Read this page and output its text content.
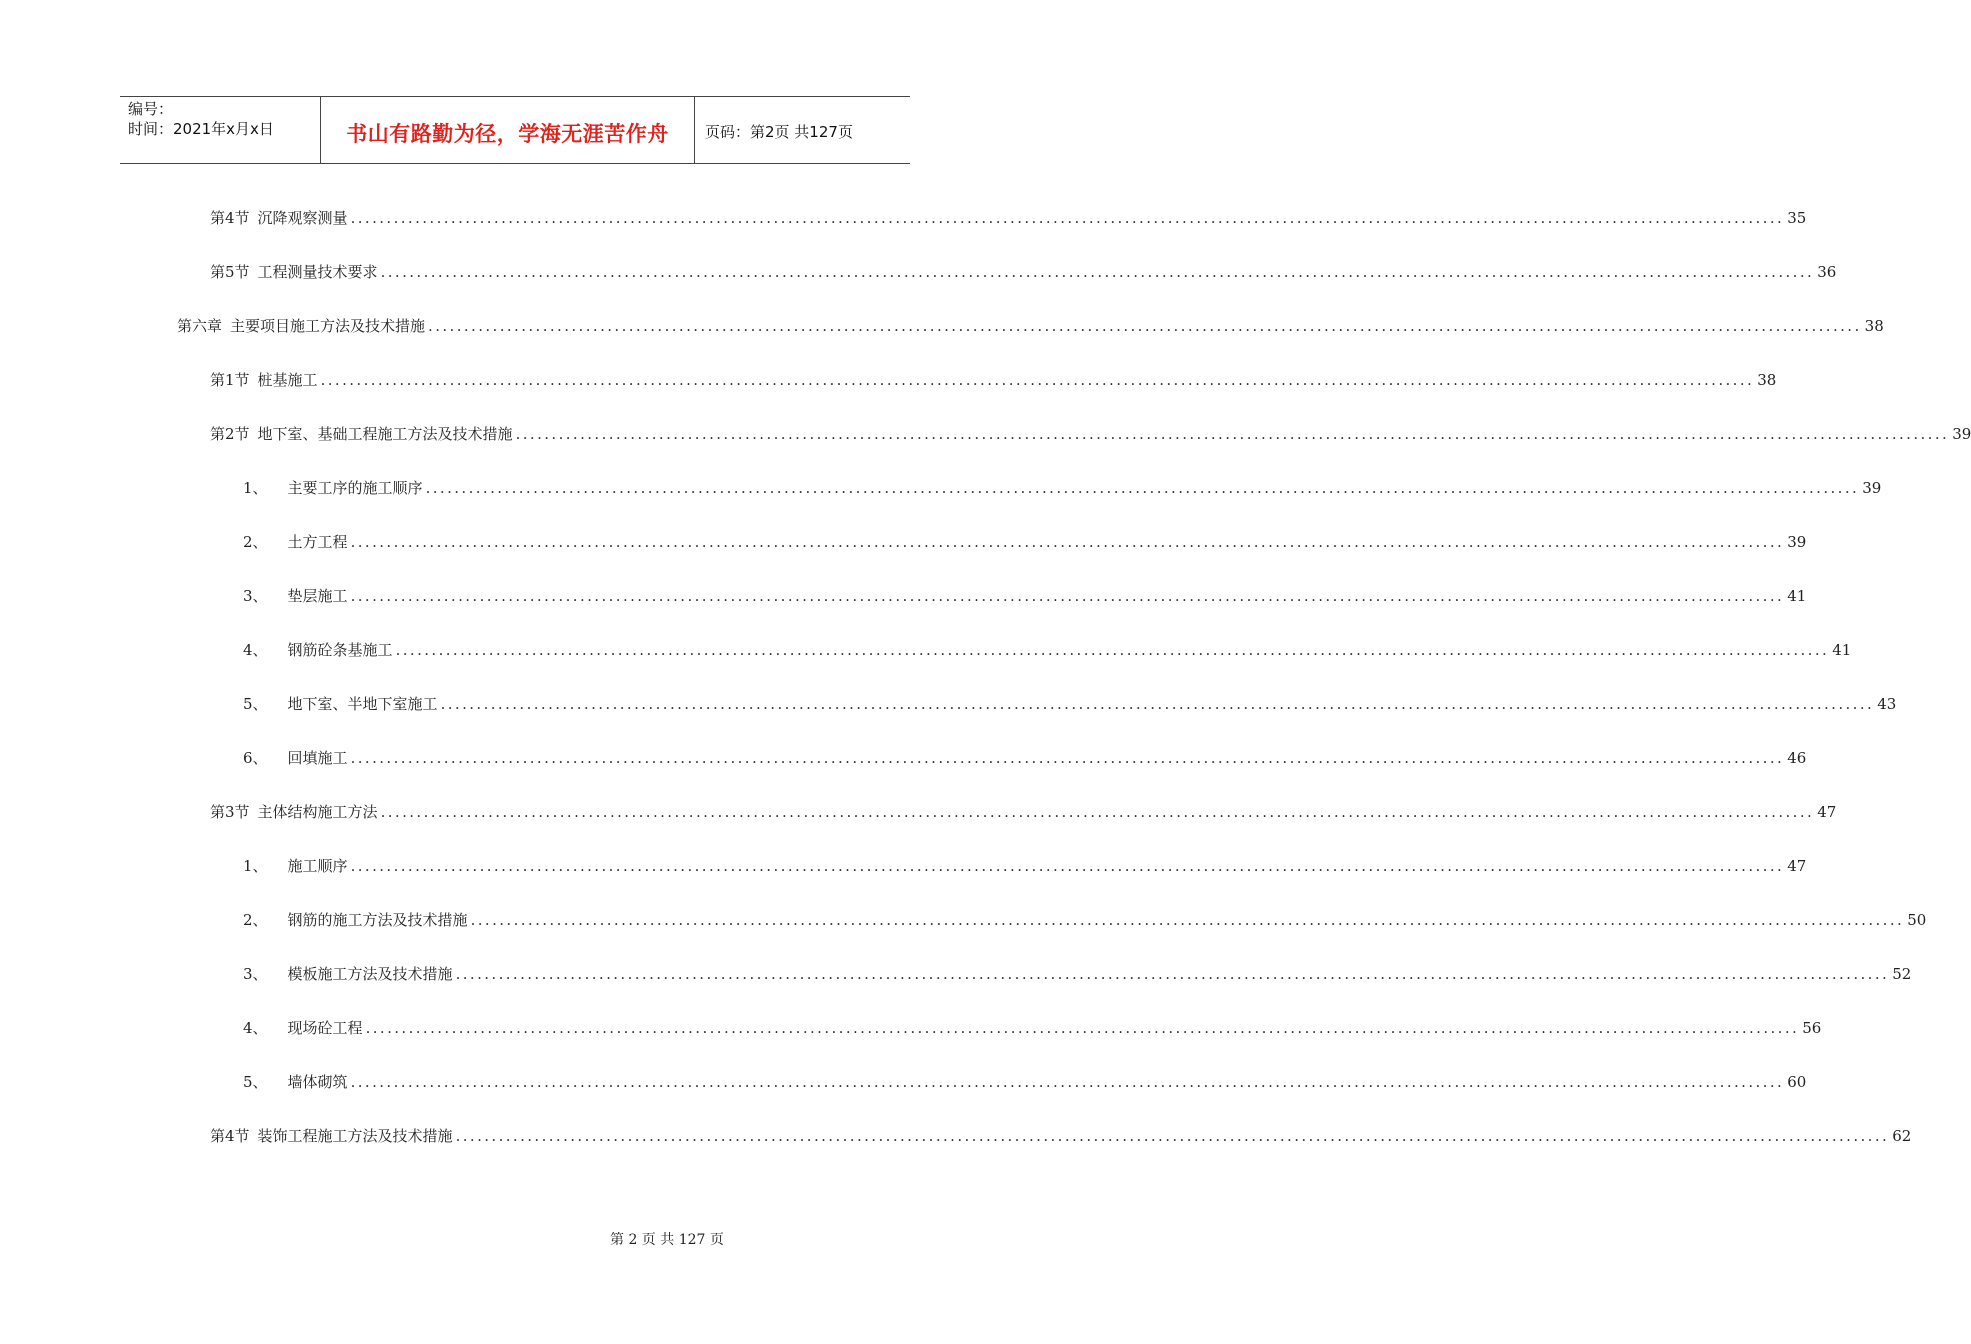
编号：
时间：2021年x月x日	书山有路勤为径，学海无涯苦作舟	页码：第2页 共127页
第4节 沉降观察测量 ........................................................................................................................................................................................................ 35
第5节 工程测量技术要求 ........................................................................................................................................................................................................ 36
第六章 主要项目施工方法及技术措施 ........................................................................................................................................................................................................ 38
第1节 桩基施工 ........................................................................................................................................................................................................ 38
第2节 地下室、基础工程施工方法及技术措施 ........................................................................................................................................................................................................ 39
1、 主要工序的施工顺序 ........................................................................................................................................................................................................ 39
2、 土方工程 ........................................................................................................................................................................................................ 39
3、 垫层施工 ........................................................................................................................................................................................................ 41
4、 钢筋砼条基施工 ........................................................................................................................................................................................................ 41
5、 地下室、半地下室施工 ........................................................................................................................................................................................................ 43
6、 回填施工 ........................................................................................................................................................................................................ 46
第3节 主体结构施工方法 ........................................................................................................................................................................................................ 47
1、 施工顺序 ........................................................................................................................................................................................................ 47
2、 钢筋的施工方法及技术措施 ........................................................................................................................................................................................................ 50
3、 模板施工方法及技术措施 ........................................................................................................................................................................................................ 52
4、 现场砼工程 ........................................................................................................................................................................................................ 56
5、 墙体砌筑 ........................................................................................................................................................................................................ 60
第4节 装饰工程施工方法及技术措施 ........................................................................................................................................................................................................ 62
第 2 页 共 127 页
